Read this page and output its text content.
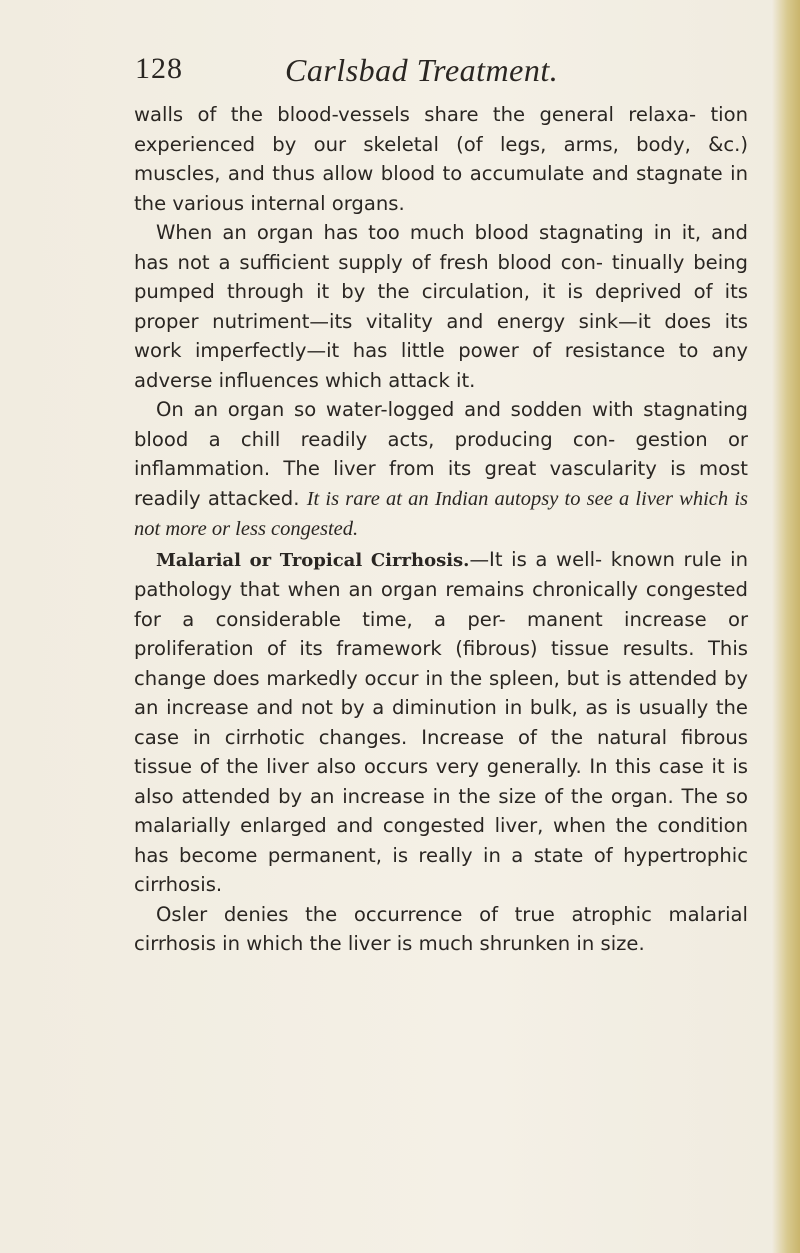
128	Carlsbad Treatment.

walls of the blood-vessels share the general relaxa- tion experienced by our skeletal (of legs, arms, body, &c.) muscles, and thus allow blood to accumulate and stagnate in the various internal organs.

When an organ has too much blood stagnating in it, and has not a sufficient supply of fresh blood con- tinually being pumped through it by the circulation, it is deprived of its proper nutriment—its vitality and energy sink—it does its work imperfectly—it has little power of resistance to any adverse influences which attack it.

On an organ so water-logged and sodden with stagnating blood a chill readily acts, producing con- gestion or inflammation. The liver from its great vascularity is most readily attacked. It is rare at an Indian autopsy to see a liver which is not more or less congested.

Malarial or Tropical Cirrhosis.—It is a well- known rule in pathology that when an organ remains chronically congested for a considerable time, a per- manent increase or proliferation of its framework (fibrous) tissue results. This change does markedly occur in the spleen, but is attended by an increase and not by a diminution in bulk, as is usually the case in cirrhotic changes. Increase of the natural fibrous tissue of the liver also occurs very generally. In this case it is also attended by an increase in the size of the organ. The so malarially enlarged and congested liver, when the condition has become permanent, is really in a state of hypertrophic cirrhosis.

Osler denies the occurrence of true atrophic malarial cirrhosis in which the liver is much shrunken in size.
